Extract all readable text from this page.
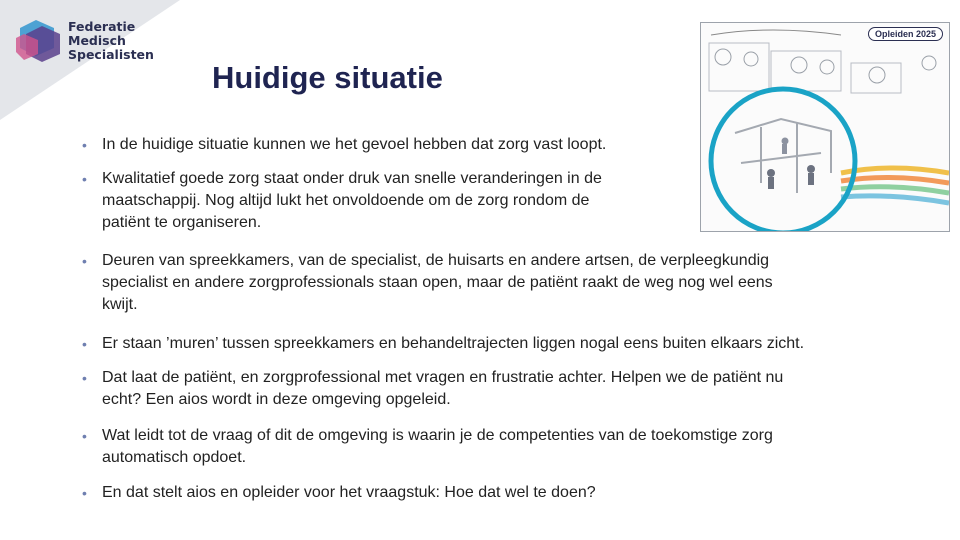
Federatie
Medisch
Specialisten
Huidige situatie
Opleiden 2025
• In de huidige situatie kunnen we het gevoel hebben dat zorg vast loopt.
• Kwalitatief goede zorg staat onder druk van snelle veranderingen in de
maatschappij. Nog altijd lukt het onvoldoende om de zorg rondom de
patiënt te organiseren.
• Deuren van spreekkamers, van de specialist, de huisarts en andere artsen, de verpleegkundig
specialist en andere zorgprofessionals staan open, maar de patiënt raakt de weg nog wel eens
kwijt.
• Er staan ’muren’ tussen spreekkamers en behandeltrajecten liggen nogal eens buiten elkaars zicht.
• Dat laat de patiënt, en zorgprofessional met vragen en frustratie achter. Helpen we de patiënt nu
echt? Een aios wordt in deze omgeving opgeleid.
• Wat leidt tot de vraag of dit de omgeving is waarin je de competenties van de toekomstige zorg
automatisch opdoet.
• En dat stelt aios en opleider voor het vraagstuk: Hoe dat wel te doen?
